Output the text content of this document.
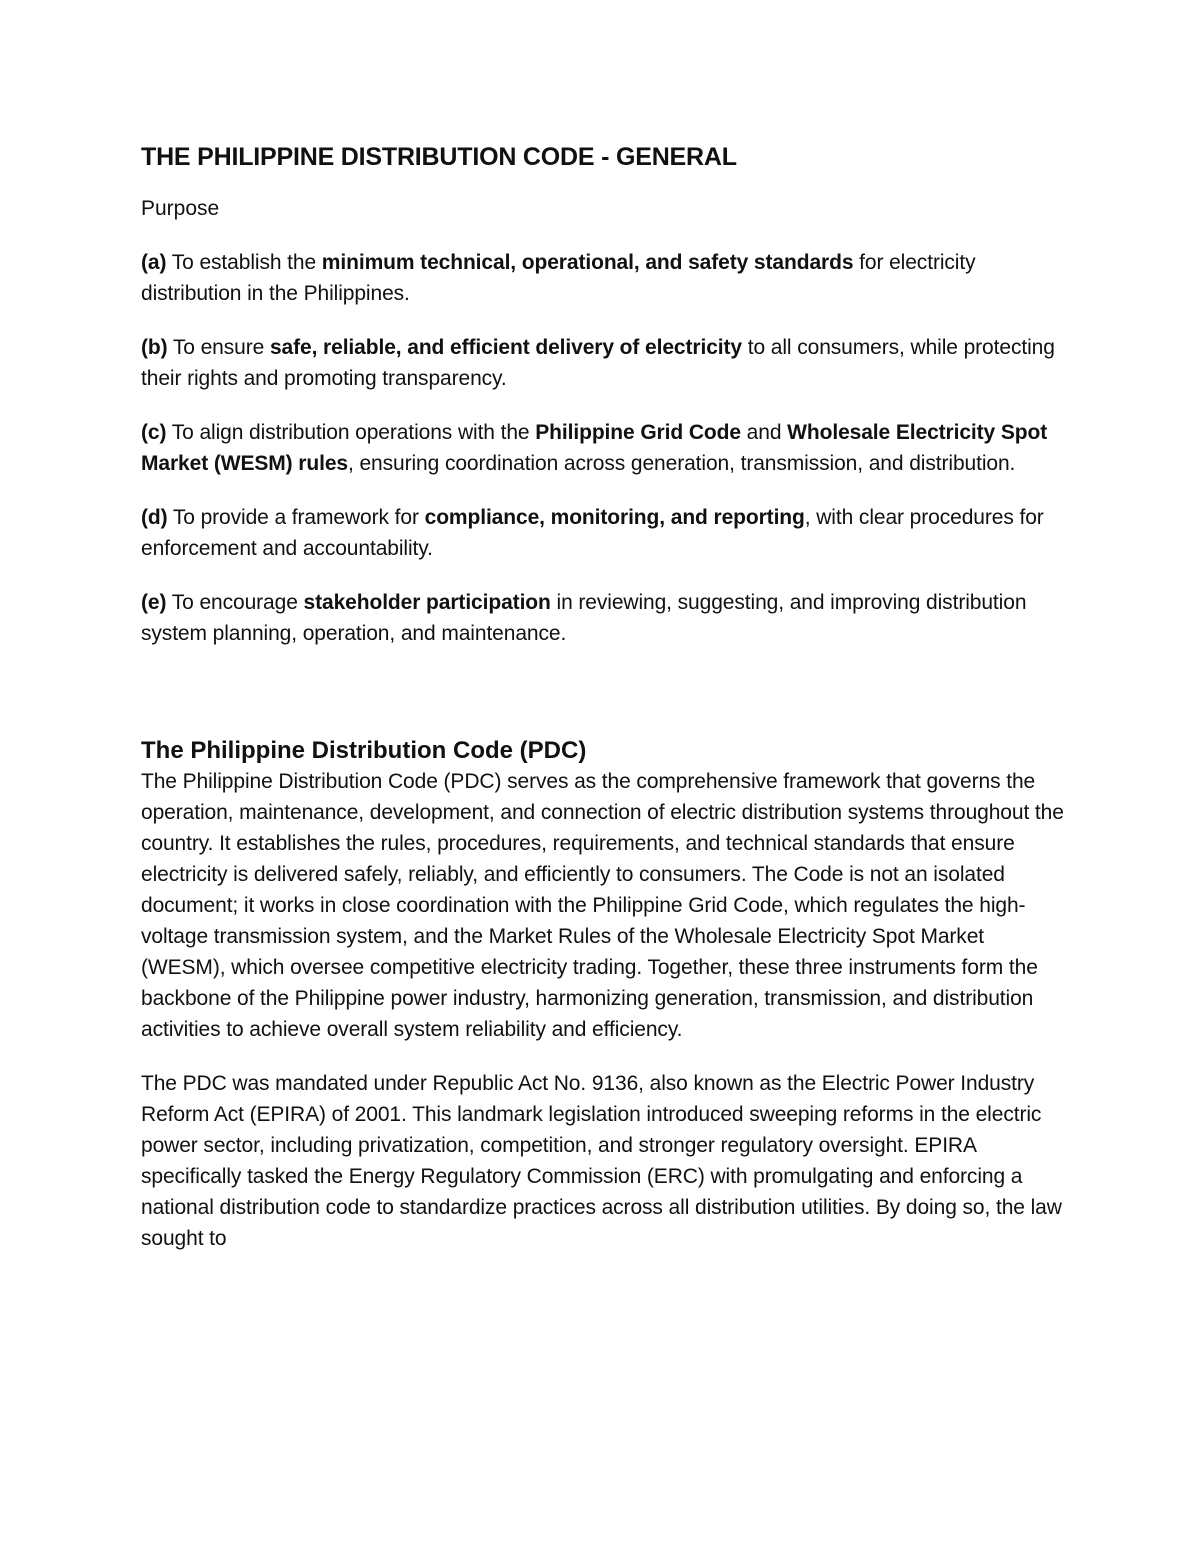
THE PHILIPPINE DISTRIBUTION CODE - GENERAL

Purpose

(a) To establish the minimum technical, operational, and safety standards for electricity distribution in the Philippines.

(b) To ensure safe, reliable, and efficient delivery of electricity to all consumers, while protecting their rights and promoting transparency.

(c) To align distribution operations with the Philippine Grid Code and Wholesale Electricity Spot Market (WESM) rules, ensuring coordination across generation, transmission, and distribution.

(d) To provide a framework for compliance, monitoring, and reporting, with clear procedures for enforcement and accountability.

(e) To encourage stakeholder participation in reviewing, suggesting, and improving distribution system planning, operation, and maintenance.

The Philippine Distribution Code (PDC)

The Philippine Distribution Code (PDC) serves as the comprehensive framework that governs the operation, maintenance, development, and connection of electric distribution systems throughout the country. It establishes the rules, procedures, requirements, and technical standards that ensure electricity is delivered safely, reliably, and efficiently to consumers. The Code is not an isolated document; it works in close coordination with the Philippine Grid Code, which regulates the high-voltage transmission system, and the Market Rules of the Wholesale Electricity Spot Market (WESM), which oversee competitive electricity trading. Together, these three instruments form the backbone of the Philippine power industry, harmonizing generation, transmission, and distribution activities to achieve overall system reliability and efficiency.

The PDC was mandated under Republic Act No. 9136, also known as the Electric Power Industry Reform Act (EPIRA) of 2001. This landmark legislation introduced sweeping reforms in the electric power sector, including privatization, competition, and stronger regulatory oversight. EPIRA specifically tasked the Energy Regulatory Commission (ERC) with promulgating and enforcing a national distribution code to standardize practices across all distribution utilities. By doing so, the law sought to
